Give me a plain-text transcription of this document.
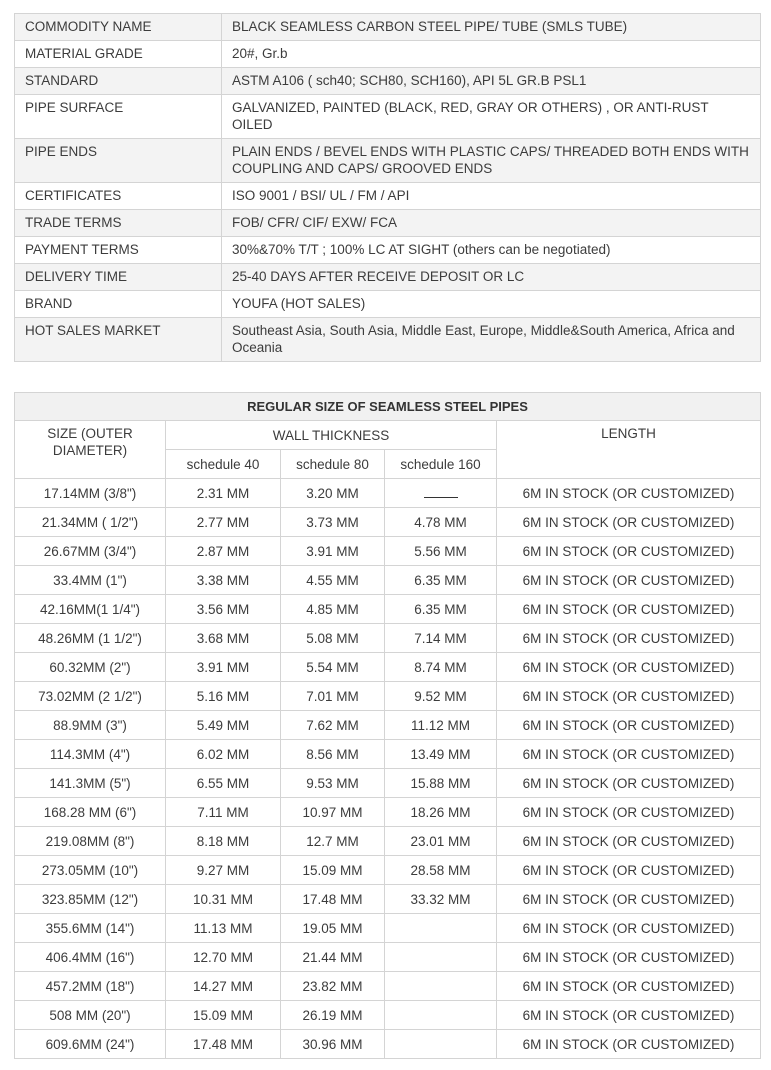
COMMODITY NAME	BLACK SEAMLESS CARBON STEEL PIPE/ TUBE (SMLS TUBE)
MATERIAL GRADE	20#, Gr.b
STANDARD	ASTM A106 ( sch40; SCH80, SCH160), API 5L GR.B PSL1
PIPE SURFACE	GALVANIZED, PAINTED (BLACK, RED, GRAY OR OTHERS) , OR ANTI-RUST OILED
PIPE ENDS	PLAIN ENDS / BEVEL ENDS WITH PLASTIC CAPS/ THREADED BOTH ENDS WITH COUPLING AND CAPS/ GROOVED ENDS
CERTIFICATES	ISO 9001 / BSI/ UL / FM / API
TRADE TERMS	FOB/ CFR/ CIF/ EXW/ FCA
PAYMENT TERMS	30%&70% T/T ; 100% LC AT SIGHT (others can be negotiated)
DELIVERY TIME	25-40 DAYS AFTER RECEIVE DEPOSIT OR LC
BRAND	YOUFA (HOT SALES)
HOT SALES MARKET	Southeast Asia, South Asia, Middle East, Europe, Middle&South America, Africa and Oceania
REGULAR SIZE OF SEAMLESS STEEL PIPES				
SIZE (OUTER DIAMETER)	WALL THICKNESS			LENGTH
	schedule 40	schedule 80	schedule 160	
17.14MM (3/8")	2.31 MM	3.20 MM		6M IN STOCK (OR CUSTOMIZED)
21.34MM ( 1/2")	2.77 MM	3.73 MM	4.78 MM	6M IN STOCK (OR CUSTOMIZED)
26.67MM (3/4")	2.87 MM	3.91 MM	5.56 MM	6M IN STOCK (OR CUSTOMIZED)
33.4MM (1")	3.38 MM	4.55 MM	6.35 MM	6M IN STOCK (OR CUSTOMIZED)
42.16MM(1 1/4")	3.56 MM	4.85 MM	6.35 MM	6M IN STOCK (OR CUSTOMIZED)
48.26MM (1 1/2")	3.68 MM	5.08 MM	7.14 MM	6M IN STOCK (OR CUSTOMIZED)
60.32MM (2")	3.91 MM	5.54 MM	8.74 MM	6M IN STOCK (OR CUSTOMIZED)
73.02MM (2 1/2")	5.16 MM	7.01 MM	9.52 MM	6M IN STOCK (OR CUSTOMIZED)
88.9MM (3")	5.49 MM	7.62 MM	11.12 MM	6M IN STOCK (OR CUSTOMIZED)
114.3MM (4")	6.02 MM	8.56 MM	13.49 MM	6M IN STOCK (OR CUSTOMIZED)
141.3MM (5")	6.55 MM	9.53 MM	15.88 MM	6M IN STOCK (OR CUSTOMIZED)
168.28 MM (6")	7.11 MM	10.97 MM	18.26 MM	6M IN STOCK (OR CUSTOMIZED)
219.08MM (8")	8.18 MM	12.7 MM	23.01 MM	6M IN STOCK (OR CUSTOMIZED)
273.05MM (10")	9.27 MM	15.09 MM	28.58 MM	6M IN STOCK (OR CUSTOMIZED)
323.85MM (12")	10.31 MM	17.48 MM	33.32 MM	6M IN STOCK (OR CUSTOMIZED)
355.6MM (14")	11.13 MM	19.05 MM		6M IN STOCK (OR CUSTOMIZED)
406.4MM (16")	12.70 MM	21.44 MM		6M IN STOCK (OR CUSTOMIZED)
457.2MM (18")	14.27 MM	23.82 MM		6M IN STOCK (OR CUSTOMIZED)
508 MM (20")	15.09 MM	26.19 MM		6M IN STOCK (OR CUSTOMIZED)
609.6MM (24")	17.48 MM	30.96 MM		6M IN STOCK (OR CUSTOMIZED)
